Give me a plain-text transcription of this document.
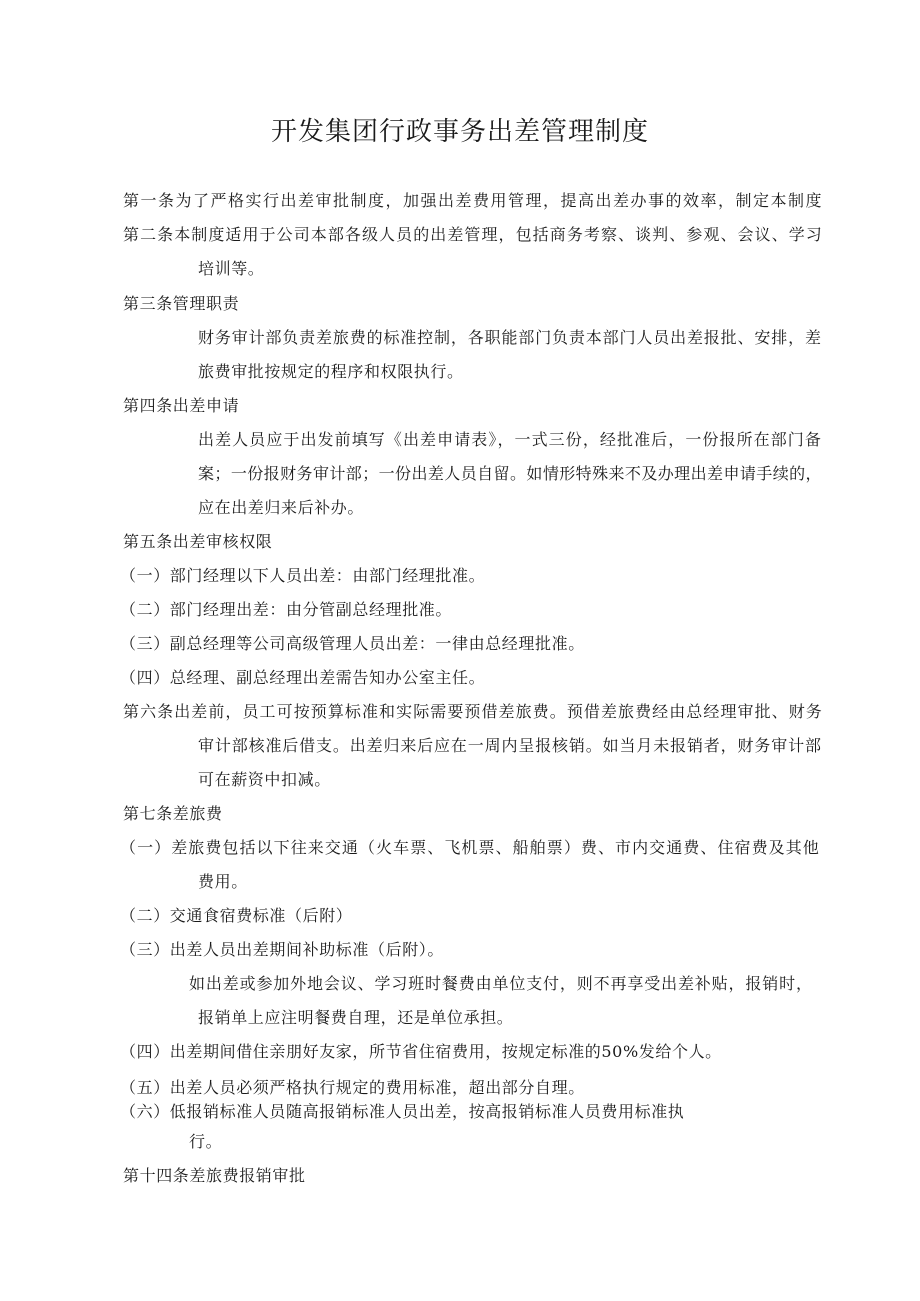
开发集团行政事务出差管理制度
第一条为了严格实行出差审批制度，加强出差费用管理，提高出差办事的效率，制定本制度
第二条本制度适用于公司本部各级人员的出差管理，包括商务考察、谈判、参观、会议、学习
培训等。
第三条管理职责
财务审计部负责差旅费的标准控制，各职能部门负责本部门人员出差报批、安排，差
旅费审批按规定的程序和权限执行。
第四条出差申请
出差人员应于出发前填写《出差申请表》，一式三份，经批准后，一份报所在部门备
案；一份报财务审计部；一份出差人员自留。如情形特殊来不及办理出差申请手续的，
应在出差归来后补办。
第五条出差审核权限
（一）部门经理以下人员出差：由部门经理批准。
（二）部门经理出差：由分管副总经理批准。
（三）副总经理等公司高级管理人员出差：一律由总经理批准。
（四）总经理、副总经理出差需告知办公室主任。
第六条出差前，员工可按预算标准和实际需要预借差旅费。预借差旅费经由总经理审批、财务
审计部核准后借支。出差归来后应在一周内呈报核销。如当月未报销者，财务审计部
可在薪资中扣减。
第七条差旅费
（一）差旅费包括以下往来交通（火车票、飞机票、船舶票）费、市内交通费、住宿费及其他
费用。
（二）交通食宿费标准（后附）
（三）出差人员出差期间补助标准（后附）。
如出差或参加外地会议、学习班时餐费由单位支付，则不再享受出差补贴，报销时，
报销单上应注明餐费自理，还是单位承担。
（四）出差期间借住亲朋好友家，所节省住宿费用，按规定标准的50%发给个人。
（五）出差人员必须严格执行规定的费用标准，超出部分自理。
（六）低报销标准人员随高报销标准人员出差，按高报销标准人员费用标准执
行。
第十四条差旅费报销审批
